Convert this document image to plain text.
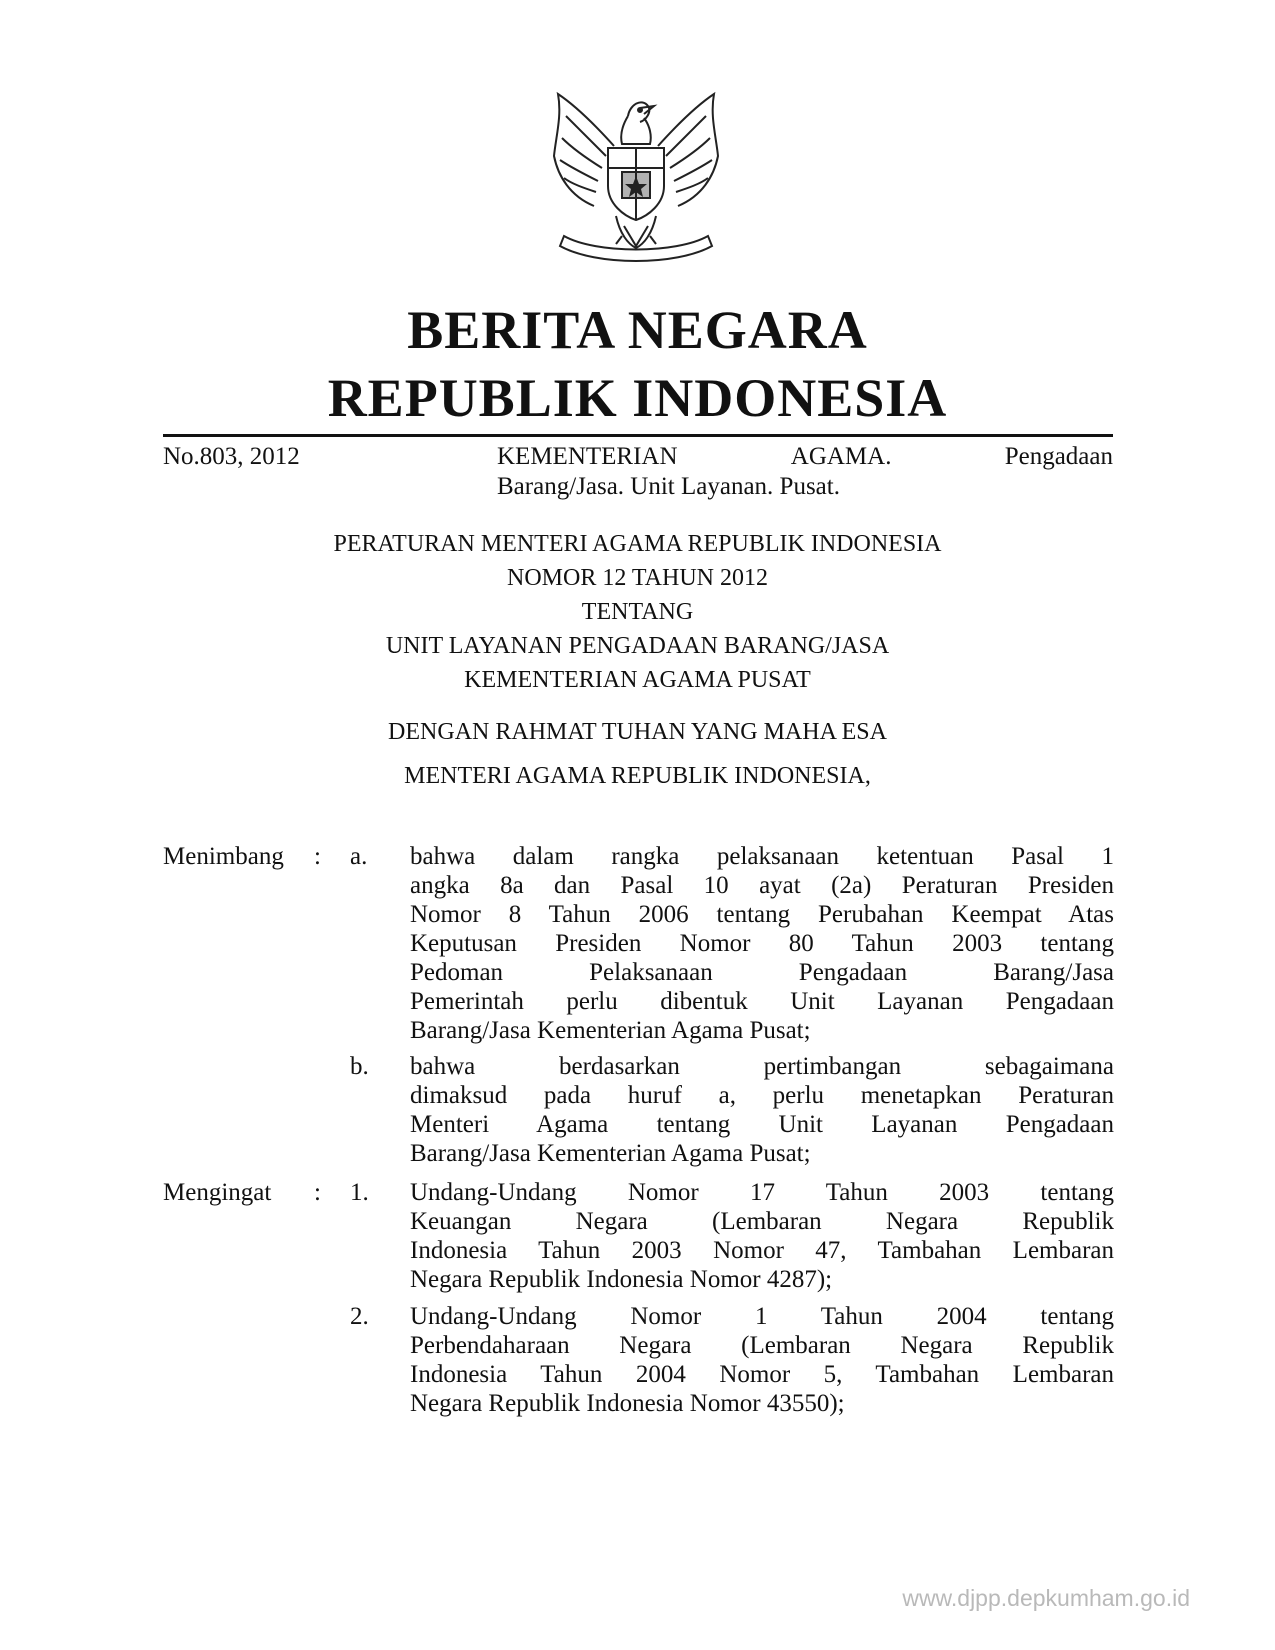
BERITA NEGARA
REPUBLIK INDONESIA
No.803, 2012	KEMENTERIAN	AGAMA.	Pengadaan
Barang/Jasa. Unit Layanan. Pusat.
PERATURAN MENTERI AGAMA REPUBLIK INDONESIA
NOMOR 12 TAHUN 2012
TENTANG
UNIT LAYANAN PENGADAAN BARANG/JASA
KEMENTERIAN AGAMA PUSAT
DENGAN RAHMAT TUHAN YANG MAHA ESA
MENTERI AGAMA REPUBLIK INDONESIA,
Menimbang : a. bahwa dalam rangka pelaksanaan ketentuan Pasal 1
angka 8a dan Pasal 10 ayat (2a) Peraturan Presiden
Nomor 8 Tahun 2006 tentang Perubahan Keempat Atas
Keputusan Presiden Nomor 80 Tahun 2003 tentang
Pedoman Pelaksanaan Pengadaan Barang/Jasa
Pemerintah perlu dibentuk Unit Layanan Pengadaan
Barang/Jasa Kementerian Agama Pusat;
b. bahwa berdasarkan pertimbangan sebagaimana
dimaksud pada huruf a, perlu menetapkan Peraturan
Menteri Agama tentang Unit Layanan Pengadaan
Barang/Jasa Kementerian Agama Pusat;
Mengingat : 1. Undang-Undang Nomor 17 Tahun 2003 tentang
Keuangan Negara (Lembaran Negara Republik
Indonesia Tahun 2003 Nomor 47, Tambahan Lembaran
Negara Republik Indonesia Nomor 4287);
2. Undang-Undang Nomor 1 Tahun 2004 tentang
Perbendaharaan Negara (Lembaran Negara Republik
Indonesia Tahun 2004 Nomor 5, Tambahan Lembaran
Negara Republik Indonesia Nomor 43550);
www.djpp.depkumham.go.id
